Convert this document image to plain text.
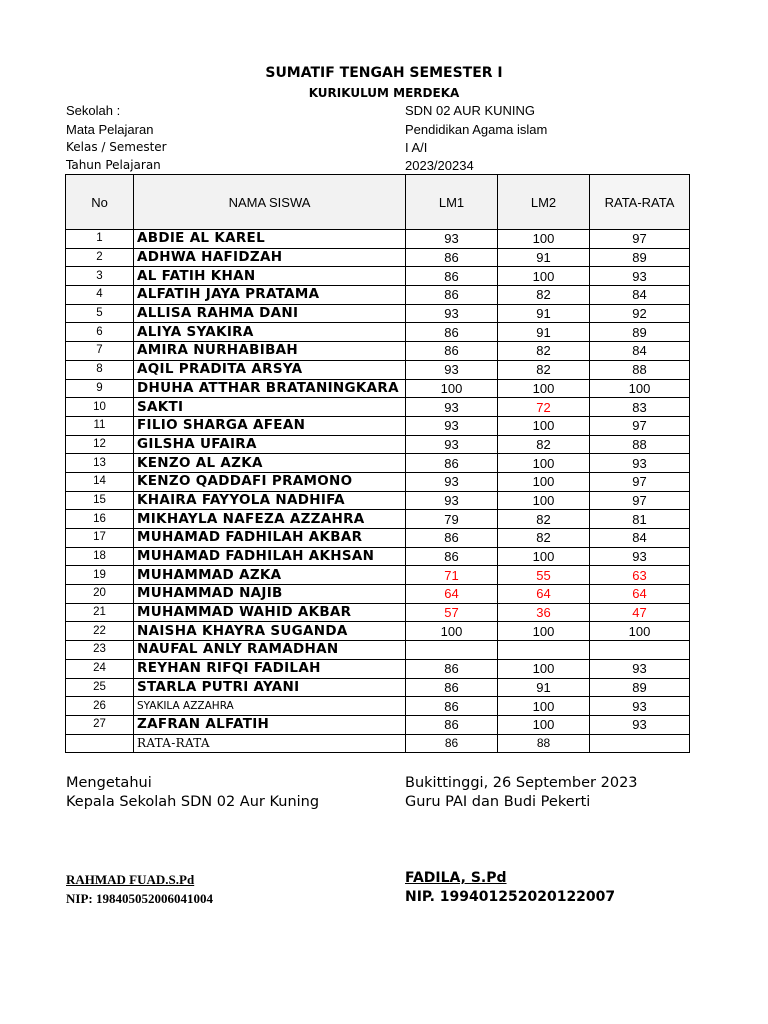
SUMATIF TENGAH SEMESTER I
KURIKULUM MERDEKA
Sekolah :	SDN 02 AUR KUNING
Mata Pelajaran	Pendidikan Agama islam
Kelas / Semester	I A/I
Tahun Pelajaran	2023/20234
No	NAMA SISWA	LM1	LM2	RATA-RATA
1	ABDIE AL KAREL	93	100	97
2	ADHWA HAFIDZAH	86	91	89
3	AL FATIH KHAN	86	100	93
4	ALFATIH JAYA PRATAMA	86	82	84
5	ALLISA RAHMA DANI	93	91	92
6	ALIYA SYAKIRA	86	91	89
7	AMIRA NURHABIBAH	86	82	84
8	AQIL PRADITA ARSYA	93	82	88
9	DHUHA ATTHAR BRATANINGKARA	100	100	100
10	SAKTI	93	72	83
11	FILIO SHARGA AFEAN	93	100	97
12	GILSHA UFAIRA	93	82	88
13	KENZO AL AZKA	86	100	93
14	KENZO QADDAFI PRAMONO	93	100	97
15	KHAIRA FAYYOLA NADHIFA	93	100	97
16	MIKHAYLA NAFEZA AZZAHRA	79	82	81
17	MUHAMAD FADHILAH AKBAR	86	82	84
18	MUHAMAD FADHILAH AKHSAN	86	100	93
19	MUHAMMAD AZKA	71	55	63
20	MUHAMMAD NAJIB	64	64	64
21	MUHAMMAD WAHID AKBAR	57	36	47
22	NAISHA KHAYRA SUGANDA	100	100	100
23	NAUFAL ANLY RAMADHAN			
24	REYHAN RIFQI FADILAH	86	100	93
25	STARLA PUTRI AYANI	86	91	89
26	SYAKILA AZZAHRA	86	100	93
27	ZAFRAN ALFATIH	86	100	93
	RATA-RATA	86	88	
Mengetahui
Kepala Sekolah SDN 02 Aur Kuning
Bukittinggi, 26 September 2023
Guru PAI dan Budi Pekerti
RAHMAD FUAD.S.Pd
NIP: 198405052006041004
FADILA, S.Pd
NIP. 199401252020122007
